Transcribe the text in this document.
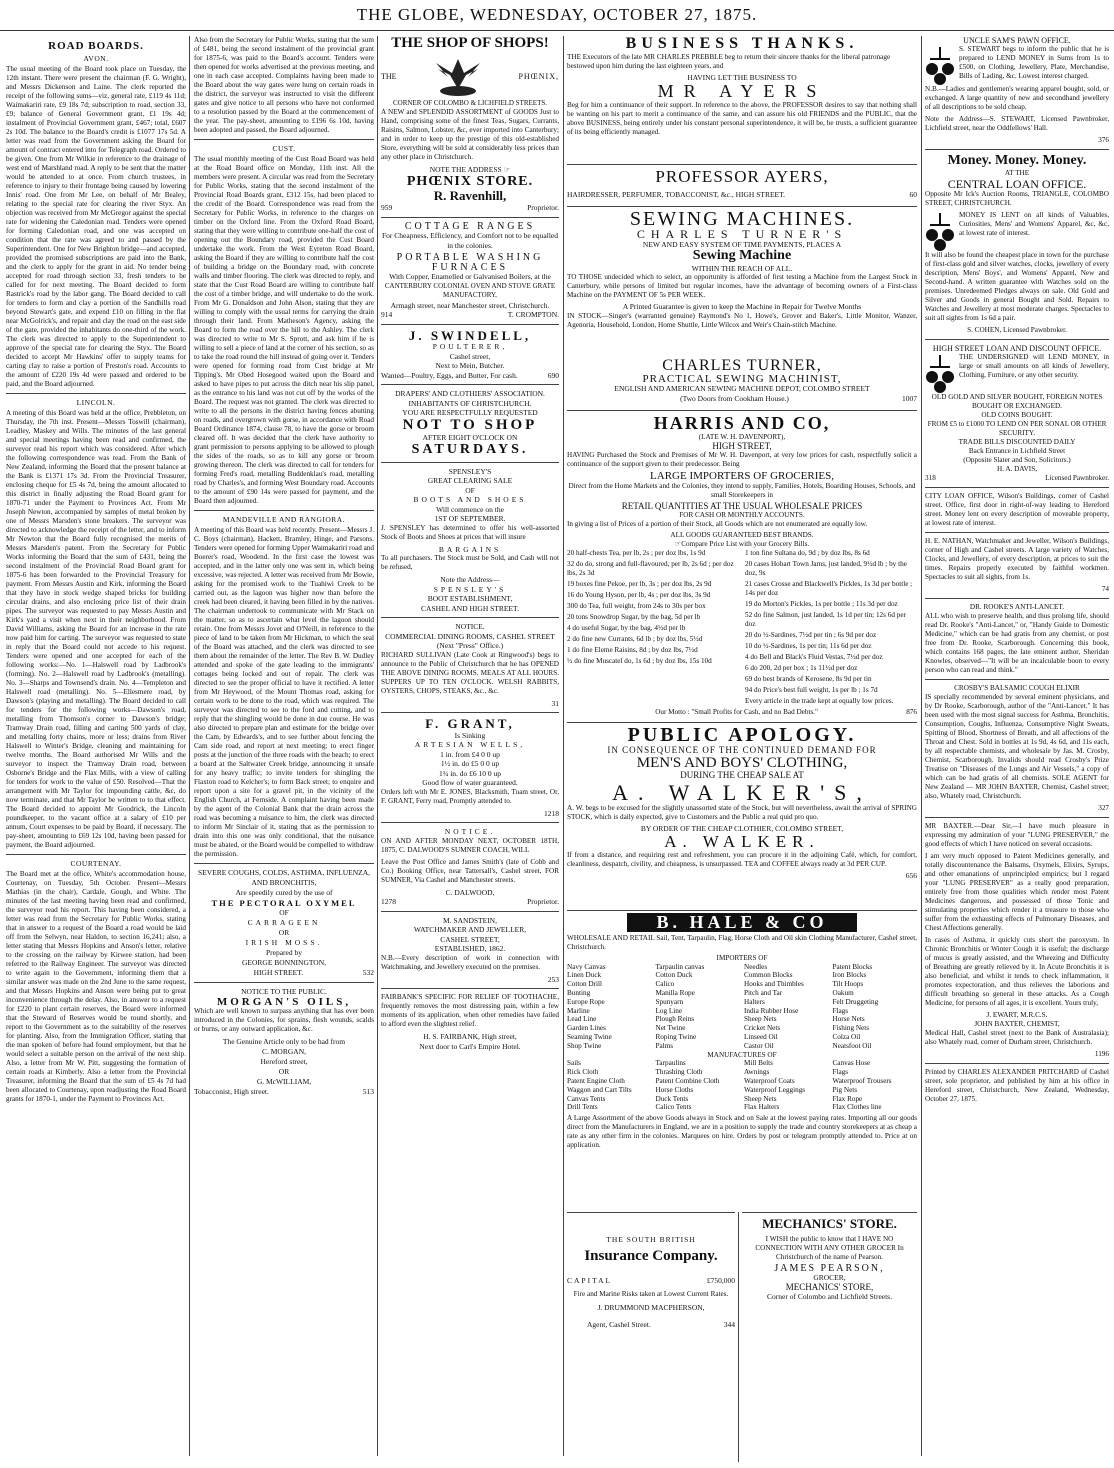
THE GLOBE, WEDNESDAY, OCTOBER 27, 1875.
ROAD BOARDS.
AVON.

The usual meeting of the Board took place on Tuesday, the 12th instant. There were present the chairman (F. G. Wright), and Messrs Dickenson and Laine. The clerk reported the receipt of the following sums—viz, general rate, £119 4s 11d; Waimakariri rate, £9 18s 7d; subscription to road, section 33, £9; balance of General Government grant, £1 19s 4d; instalment of Provincial Government grant, £467; total, £607 2s 10d. The balance to the Board's credit is £1077 17s 5d. A letter was read from the Government asking the Board for amount of contract entered into for Telegraph road. Ordered to be given. One from Mr Wilkie in reference to the drainage of west end of Marshland road. A reply to be sent that the matter would be attended to at once. From church trustees, in reference to injury to their frontage being caused by lowering Innis' road. One from Mr Lee, on behalf of Mr Bealey, relating to the special rate for clearing the river Styx. An objection was received from Mr McGregor against the special rate for widening the Caledonian road. Tenders were opened for forming Caledonian road, and one was accepted on condition that the rate was agreed to and passed by the Superintendent. One for New Brighton bridge—and accepted, provided the promised subscriptions are paid into the Bank, and the clerk to apply for the grant in aid. No tender being accepted for road through section 33, fresh tenders to be called for for next meeting. The Board decided to form Rastrick's road by the labor gang. The Board decided to call for tenders to form and clay a portion of the Sandhills road beyond Stewart's gate, and expend £10 on filling in the flat near McGolrick's, and repair and clay the road on the east side of the gate, provided the inhabitants do one-third of the work. The clerk was directed to apply to the Superintendent to approve of the special rate for clearing the Styx. The Board decided to accept Mr Hawkins' offer to supply teams for carting clay to raise a portion of Preston's road. Accounts to the amount of £220 19s 4d were passed and ordered to be paid, and the Board adjourned.

LINCOLN.

A meeting of this Board was held at the office, Prebbleton, on Thursday, the 7th inst. Present—Messrs Toswill (chairman), Leadley, Maskey and Wills. The minutes of the last general and special meetings having been read and confirmed, the surveyor read his report which was considered. After which the following correspondence was read. From the Bank of New Zealand, informing the Board that the present balance at the Bank is £1371 17s 3d. From the Provincial Treasurer, enclosing cheque for £5 4s 7d, being the amount allocated to this district in finally adjusting the Road Board grant for 1870-71 under the Payment to Provinces Act. From Mr Joseph Newton, accompanied by samples of metal broken by one of Messrs Marsden's stone breakers. The surveyor was directed to acknowledge the receipt of the letter, and to inform Mr Newton that the Board fully recognised the merits of Messrs Marsden's patent. From the Secretary for Public Works informing the Board that the sum of £431, being the second instalment of the Provincial Road Board grant for 1875-6 has been forwarded to the Provincial Treasury for payment. From Messrs Austin and Kirk, informing the Board that they have in stock wedge shaped bricks for building circular drains, and also enclosing price list of their drain pipes. The surveyor was requested to pay Messrs Austin and Kirk's yard a visit when next in their neighborhood. From David Williams, asking the Board for an increase in the rate now paid him for carting. The surveyor was requested to state in reply that the Board could not accede to his request. Tenders were opened and one accepted for each of the following works:—No. 1—Halswell road by Ladbrook's (forming). No. 2—Halswell road by Ladbrook's (metalling). No. 3—Sharps and Townsend's drain. No. 4—Templeton and Halswell road (metalling). No. 5—Ellesmere road, by Dawson's (playing and metalling). The Board decided to call for tenders for the following works—Dawson's road, metalling from Thomson's corner to Dawson's bridge; Tramway Drain road, filling and carting 500 yards of clay, and metalling forty chains, more or less; drains from River Halswell to Winter's Bridge, cleaning and maintaining for twelve months. The Board authorised Mr Wills and the surveyor to inspect the Tramway Drain road, between Osborne's Bridge and the Flax Mills, with a view of calling for tenders for work to the value of £50. Resolved—That the arrangement with Mr Taylor for impounding cattle, &c, do now terminate, and that Mr Taylor be written to to that effect. The Board decided to appoint Mr Goodrick, the Lincoln poundkeeper, to the vacant office at a salary of £10 per annum, Court expenses to be paid by Board, if necessary. The pay-sheet, amounting to £69 12s 10d, having been passed for payment, the Board adjourned.

COURTENAY.

The Board met at the office, White's accommodation house, Courtenay, on Tuesday, 5th October. Present—Messrs Mathias (in the chair), Cardale, Gough, and White. The minutes of the last meeting having been read and confirmed, the surveyor read his report. This having been considered, a letter was read from the Secretary for Public Works, stating that in answer to a request of the Board a road would be laid off from the Selwyn, near Haldon, to section 16,241; also, a letter stating that Messrs Hopkins and Anson's letter, relative to the crossing on the railway by Kirwee station, had been referred to the Railway Engineer. The surveyor was directed to write again to the Government, informing them that a similar answer was made on the 2nd June to the same request, and that Messrs Hopkins and Anson were being put to great inconvenience through the delay. Also, in answer to a request for £220 to plant certain reserves, the Board were informed that the Steward of Reserves would be round shortly, and report to the Government as to the suitability of the reserves for planting. Also, from the Immigration Officer, stating that the man spoken of before had found employment, but that he would select a suitable person on the arrival of the next ship. Also, a letter from Mr W. Pitt, suggesting the formation of certain roads at Kimberly. Also a letter from the Provincial Treasurer, informing the Board that the sum of £5 4s 7d had been allocated to Courtenay, upon readjusting the Road Board grants for 1870-1, under the Payment to Provinces Act.

Also from the Secretary for Public Works, stating that the sum of £481, being the second instalment of the provincial grant for 1875-6, was paid to the Board's account. Tenders were then opened for works advertised at the previous meeting, and one in each case accepted. Complaints having been made to the Board about the way gates were hung on certain roads in the district, the surveyor was instructed to visit the different gates and give notice to all persons who have not conformed to a resolution passed by the Board at the commencement of the year. The pay-sheet, amounting to £196 6s 10d, having been adopted and passed, the Board adjourned.

CUST.

The usual monthly meeting of the Cust Road Board was held at the Road Board office on Monday, 11th inst. All the members were present. A circular was read from the Secretary for Public Works, stating that the second instalment of the Provincial Road Boards grant, £312 15s, had been placed to the credit of the Board. Correspondence was read from the Secretary for Public Works, in reference to the charges on timber on the Oxford line. From the Oxford Road Board, stating that they were willing to contribute one-half the cost of opening out the Boundary road, provided the Cust Board undertake the work. From the West Eyreton Road Board, asking the Board if they are willing to contribute half the cost of building a bridge on the Boundary road, with concrete walls and timber flooring. The clerk was directed to reply, and state that the Cust Road Board are willing to contribute half the cost of a timber bridge, and will undertake to do the work. From Mr G. Donaldson and John Alson, stating that they are willing to comply with the usual terms for carrying the drain through their land. From Matheson's Agency, asking the Board to form the road over the hill to the Ashley. The clerk was directed to write to Mr S. Sprott, and ask him if he is willing to sell a piece of land at the corner of his section, so as to take the road round the hill instead of going over it. Tenders were opened for forming road from Cust bridge at Mr Tipping's. Mr Obed Hosegood waited upon the Board and asked to have pipes to put across the ditch near his slip panel, as the entrance to his land was not cut off by the works of the Board. The request was not granted. The clerk was directed to write to all the persons in the district having fences abutting on roads, and overgrown with gorse, in accordance with Road Board Ordinance 1874, clause 78, to have the gorse or broom cleared off. It was decided that the clerk have authority to grant permission to persons applying to be allowed to plough the sides of the roads, so as to kill any gorse or broom growing thereon. The clerk was directed to call for tenders for forming Fred's road, metalling Buddenklau's road, metalling road by Charles's, and forming West Boundary road. Accounts to the amount of £90 14s were passed for payment, and the Board then adjourned.

MANDEVILLE AND RANGIORA.

A meeting of this Board was held recently. Present—Messrs J. C. Boys (chairman), Hackett, Bramley, Hinge, and Parsons. Tenders were opened for forming Upper Waimakariri road and Boerer's road, Woodend. In the first case the lowest was accepted, and in the latter only one was sent in, which being excessive, was rejected. A letter was received from Mr Bowie, asking for the promised work to the Tuahiwi Creek to be carried out, as the lagoon was higher now than before the creek had been cleared, it having been filled in by the natives. The chairman undertook to communicate with Mr Stack on the matter, so as to ascertain what level the lagoon should retain. One from Messrs Jovet and O'Neill, in reference to the piece of land to be taken from Mr Hickman, to which the seal of the Board was attached, and the clerk was directed to see them about the remainder of the letter. The Rev B. W. Dudley attended and spoke of the gate leading to the immigrants' cottages being locked and out of repair. The clerk was directed to see the proper official to have it rectified. A letter from Mr Heywood, of the Mount Thomas road, asking for certain work to be done to the road, which was required. The surveyor was directed to see to the ford and cutting, and to reply that the shingling would be done in due course. He was also directed to prepare plan and estimate for the bridge over the Cam, by Edwards's, and to see further about fencing the Cam side road, and report at next meeting; to erect finger posts at the junction of the three roads with the beach; to erect a board at the Saltwater Creek bridge, announcing it unsafe for any heavy traffic; to invite tenders for shingling the Flaxton road to Kelcher's; to form Back street; to enquire and report upon a site for a gravel pit, in the vicinity of the English Church, at Fernside. A complaint having been made by the agent of the Colonial Bank that the drain across the road was becoming a nuisance to him, the clerk was directed to inform Mr Sinclair of it, stating that as the permission to drain into this one was only conditional, that the nuisance must be abated, or the Board would be compelled to withdraw the permission.

SEVERE COUGHS, COLDS, ASTHMA, INFLUENZA, AND BRONCHITIS,
Are speedily cured by the use of
THE PECTORAL OXYMEL
OF
CARRAGEEN
OR
IRISH MOSS.
Prepared by
GEORGE BONNINGTON,
HIGH STREET.	532
NOTICE TO THE PUBLIC.
MORGAN'S OILS,

Which are well known to surpass anything that has ever been introduced in the Colonies, for sprains, flesh wounds, scalds or burns, or any outward application, &c.

The Genuine Article only to be had from
C. MORGAN,
Hereford street,
OR
G. McWILLIAM,
Tobacconist, High street.	513
THE SHOP OF SHOPS!
THE	PHŒNIX,
CORNER OF COLOMBO & LICHFIELD STREETS.

A NEW and SPLENDID ASSORTMENT of GOODS Just to Hand, comprising some of the finest Teas, Sugars, Currants, Raisins, Salmon, Lobster, &c, ever imported into Canterbury; and in order to keep up the prestige of this old-established Store, everything will be sold at considerably less prices than any other place in Christchurch.

NOTE THE ADDRESS ☞
PHŒNIX STORE.
R. Ravenhill,
959	Proprietor.
COTTAGE RANGES
For Cheapness, Efficiency, and Comfort not to be equalled in the colonies.
PORTABLE WASHING FURNACES
With Copper, Enamelled or Galvanised Boilers, at the
CANTERBURY COLONIAL OVEN AND STOVE GRATE MANUFACTORY,
Armagh street, near Manchester street, Christchurch.
914	T. CROMPTON.
J. SWINDELL,
POULTERER,
Cashel street,
Next to Mein, Butcher.
Wanted—Poultry, Eggs, and Butter, For cash.	690
DRAPERS' AND CLOTHIERS' ASSOCIATION.
INHABITANTS OF CHRISTCHURCH.
YOU ARE RESPECTFULLY REQUESTED
NOT TO SHOP
AFTER EIGHT O'CLOCK ON
SATURDAYS.
SPENSLEY'S
GREAT CLEARING SALE
OF
BOOTS AND SHOES
Will commence on the
1ST OF SEPTEMBER.

J. SPENSLEY has determined to offer his well-assorted Stock of Boots and Shoes at prices that will insure

BARGAINS

To all purchasers. The Stock must be Sold, and Cash will not be refused,

Note the Address—
SPENSLEY'S
BOOT ESTABLISHMENT,
CASHEL AND HIGH STREET.
NOTICE.
COMMERCIAL DINING ROOMS, CASHEL STREET
(Next "Press" Office.)

RICHARD SULLIVAN (Late Cook at Ringwood's) begs to announce to the Public of Christchurch that he has OPENED THE ABOVE DINING ROOMS. MEALS AT ALL HOURS. SUPPERS UP TO TEN O'CLOCK. WELSH RABBITS, OYSTERS, CHOPS, STEAKS, &c., &c.

31
F. GRANT,
Is Sinking
ARTESIAN WELLS,
1 in. from £4 0 0 up
1½ in. do £5 0 0 up
1¾ in. do £6 10 0 up
Good flow of water guaranteed.

Orders left with Mr E. JONES, Blacksmith, Tuam street, Or, F. GRANT, Ferry road, Promptly attended to.

1218
NOTICE.

ON AND AFTER MONDAY NEXT, OCTOBER 18TH, 1875, C. DALWOOD'S SUMNER COACH, WILL

Leave the Post Office and James Smith's (late of Cobb and Co.) Booking Office, near Tattersall's, Cashel street, FOR SUMNER, Via Cashel and Manchester streets.

C. DALWOOD,
1278	Proprietor.
M. SANDSTEIN,
WATCHMAKER AND JEWELLER,
CASHEL STREET,
ESTABLISHED, 1862.

N.B.—Every description of work in connection with Watchmaking, and Jewellery executed on the premises.

253

FAIRBANK'S SPECIFIC FOR RELIEF OF TOOTHACHE, frequently removes the most distressing pain, within a few moments of its application, when other remedies have failed to afford even the slightest relief.

H. S. FAIRBANK, High street,
Next door to Carl's Empire Hotel.
BUSINESS THANKS.

THE Executors of the late MR CHARLES PREBBLE beg to return their sincere thanks for the liberal patronage bestowed upon him during the last eighteen years, and

HAVING LET THE BUSINESS TO
MR AYERS

Beg for him a continuance of their support. In reference to the above, the PROFESSOR desires to say that nothing shall be wanting on his part to merit a continuance of the same, and can assure his old FRIENDS and the PUBLIC, that the above BUSINESS, being entirely under his constant personal superintendence, it will be, he trusts, a sufficient guarantee of its being efficiently managed.

PROFESSOR AYERS,
HAIRDRESSER, PERFUMER, TOBACCONIST, &c., HIGH STREET.	60
SEWING MACHINES.
CHARLES TURNER'S
NEW AND EASY SYSTEM OF TIME PAYMENTS, PLACES A
Sewing Machine
WITHIN THE REACH OF ALL.

TO THOSE undecided which to select, an opportunity is afforded of first testing a Machine from the Largest Stock in Canterbury, while persons of limited but regular incomes, have the advantage of becoming owners of a First-class Machine on the PAYMENT OF 5s PER WEEK.

A Printed Guarantee is given to keep the Machine in Repair for Twelve Months

IN STOCK—Singer's (warranted genuine) Raymond's No 1, Howe's, Grover and Baker's, Little Monitor, Wanzer, Agenoria, Household, London, Home Shuttle, Little Wilcox and Weir's Chain-stitch Machine.

CHARLES TURNER,
PRACTICAL SEWING MACHINIST,
ENGLISH AND AMERICAN SEWING MACHINE DEPOT, COLOMBO STREET
(Two Doors from Cookham House.)	1007
HARRIS AND CO,
(LATE W. H. DAVENPORT),
HIGH STREET,

HAVING Purchased the Stock and Premises of Mr W. H. Davenport, at very low prices for cash, respectfully solicit a continuance of the support given to their predecessor. Being

LARGE IMPORTERS OF GROCERIES,

Direct from the Home Markets and the Colonies, they intend to supply, Families, Hotels, Boarding Houses, Schools, and small Storekeepers in

RETAIL QUANTITIES AT THE USUAL WHOLESALE PRICES
FOR CASH OR MONTHLY ACCOUNTS.

In giving a list of Prices of a portion of their Stock, all Goods which are not enumerated are equally low.

ALL GOODS GUARANTEED BEST BRANDS.
☞Compare Price List with your Grocery Bills.
20 half-chests Tea, per lb, 2s ; per doz lbs, 1s 9d
32 do do, strong and full-flavoured, per lb, 2s 6d ; per doz lbs, 2s 3d
19 boxes fine Pekoe, per lb, 3s ; per doz lbs, 2s 9d
16 do Young Hyson, per lb, 4s ; per doz lbs, 3s 9d
300 do Tea, full weight, from 24s to 30s per box
20 tons Snowdrop Sugar, by the bag, 5d per lb
4 do useful Sugar, by the bag, 4½d per lb
2 do fine new Currants, 6d lb ; by doz lbs, 5½d
1 do fine Eleme Raisins, 8d ; by doz lbs, 7½d
½ do fine Muscatel do, 1s 6d ; by doz lbs, 15s 10d
1 ton fine Sultana do, 9d ; by doz lbs, 8s 6d
20 cases Hobart Town Jams, just landed, 9½d lb ; by the doz, 9s
21 cases Crosse and Blackwell's Pickles, 1s 3d per bottle ; 14s per doz
19 do Morton's Pickles, 1s per bottle ; 11s 3d per doz
52 do fine Salmon, just landed, 1s 1d per tin; 12s 6d per doz
20 do ½-Sardines, 7½d per tin ; 6s 9d per doz
10 do ½-Sardines, 1s per tin; 11s 6d per doz
4 do Bell and Black's Fluid Vestas, 7½d per doz
6 do 200, 2d per box ; 1s 11½d per doz
69 do best brands of Kerosene, 8s 9d per tin
94 do Price's best full weight, 1s per lb ; 1s 7d
Every article in the trade kept at equally low prices.
Our Motto : "Small Profits for Cash, and no Bad Debts."	876
PUBLIC APOLOGY.
IN CONSEQUENCE OF THE CONTINUED DEMAND FOR
MEN'S AND BOYS' CLOTHING,
DURING THE CHEAP SALE AT
A. WALKER'S,

A. W. begs to be excused for the slightly unassorted state of the Stock, but will nevertheless, await the arrival of SPRING STOCK, which is daily expected, give to Customers and the Public a real quid pro quo.

BY ORDER OF THE CHEAP CLOTHIER, COLOMBO STREET,
A. WALKER.

If from a distance, and requiring rest and refreshment, you can procure it in the adjoining Café, which, for comfort, cleanliness, despatch, civility, and cheapness, is unsurpassed. TEA and COFFEE always ready at 3d PER CUP.

656
B. HALE & CO

WHOLESALE AND RETAIL Sail, Tent, Tarpaulin, Flag, Horse Cloth and Oil skin Clothing Manufacturer, Cashel street, Christchurch.

IMPORTERS OF
Navy Canvas
Linen Duck
Cotton Drill
Bunting
Europe Rope
Marline
Lead Line
Garden Lines
Seaming Twine
Shop Twine
Tarpaulin canvas
Cotton Duck
Calico
Manilla Rope
Spunyarn
Log Line
Plough Reins
Net Twine
Roping Twine
Palms
Needles
Common Blocks
Hooks and Thimbles
Pitch and Tar
Halters
India Rubber Hose
Sheep Nets
Cricket Nets
Linseed Oil
Castor Oil
Patent Blocks
Iron Blocks
Tilt Hoops
Oakum
Felt Druggeting
Flags
Horse Nets
Fishing Nets
Colza Oil
Neatsfoot Oil
MANUFACTURES OF
Sails
Rick Cloth
Patent Engine Cloth
Waggon and Cart Tilts
Canvas Tents
Drill Tents
Tarpaulins
Thrashing Cloth
Patent Combine Cloth
Horse Cloths
Duck Tents
Calico Tents
Mill Belts
Awnings
Waterproof Coats
Waterproof Leggings
Sheep Nets
Flax Halters
Canvas Hose
Flags
Waterproof Trousers
Pig Nets
Flax Rope
Flax Clothes line

A Large Assortment of the above Goods always in Stock and on Sale at the lowest paying rates. Importing all our goods direct from the Manufacturers in England, we are in a position to supply the trade and country storekeepers at as cheap a rate as any other firm in the colonies. Marquees on hire. Orders by post or telegram promptly attended to. Price at on application.

THE SOUTH BRITISH
Insurance Company.
CAPITAL	£750,000

Fire and Marine Risks taken at Lowest Current Rates.

J. DRUMMOND MACPHERSON,
Agent, Cashel Street.	344
MECHANICS' STORE.

I WISH the public to know that I HAVE NO CONNECTION WITH ANY OTHER GROCER In Christchurch of the name of Pearson.

JAMES PEARSON,
GROCER,
MECHANICS' STORE,
Corner of Colombo and Lichfield Streets.
UNCLE SAM'S PAWN OFFICE.

S. STEWART begs to inform the public that he is prepared to LEND MONEY in Sums from 1s to £500, on Clothing, Jewellery, Plate, Merchandise, Bills of Lading, &c. Lowest interest charged.

N.B.—Ladies and gentlemen's wearing apparel bought, sold, or exchanged. A large quantity of new and secondhand jewellery of all descriptions to be sold cheap.

Note the Address—S. STEWART, Licensed Pawnbroker, Lichfield street, near the Oddfellows' Hall.

376
Money. Money. Money.
AT THE
CENTRAL LOAN OFFICE.

Opposite Mr Ick's Auction Rooms, TRIANGLE, COLOMBO STREET, CHRISTCHURCH.

MONEY IS LENT on all kinds of Valuables, Curiosities, Mens' and Womens' Apparel, &c, &c, at lowest rate of interest.

It will also be found the cheapest place in town for the purchase of first-class gold and silver watches, clocks, jewellery of every description, Mens' Boys', and Womens' Apparel, New and Second-hand. A written guarantee with Watches sold on the premises. Unredeemed Pledges always on sale. Old Gold and Silver and Goods in general Bought and Sold. Repairs to Watches and Jewellery at most moderate charges. Spectacles to suit all sights from 1s 6d a pair.

S. COHEN, Licensed Pawnbroker.
HIGH STREET LOAN AND DISCOUNT OFFICE.

THE UNDERSIGNED will LEND MONEY, in large or small amounts on all kinds of Jewellery, Clothing, Furniture, or any other security.

OLD GOLD AND SILVER BOUGHT, FOREIGN NOTES BOUGHT OR EXCHANGED.
OLD COINS BOUGHT.
FROM £5 to £1000 TO LEND ON PER SONAL OR OTHER SECURITY.
TRADE BILLS DISCOUNTED DAILY
Back Entrance in Lichfield Street
(Opposite Slater and Son, Solicitors.)
H. A. DAVIS,
318	Licensed Pawnbroker.

CITY LOAN OFFICE, Wilson's Buildings, corner of Cashel street. Office, first door in right-of-way leading to Hereford street. Money lent on every description of moveable property, at lowest rate of interest.

H. E. NATHAN, Watchmaker and Jeweller, Wilson's Buildings, corner of High and Cashel streets. A large variety of Watches, Clocks, and Jewellery, of every description, at prices to suit the times. Repairs properly executed by faithful workmen. Spectacles to suit all sights, from 1s.

74
DR. ROOKE'S ANTI-LANCET.

ALL who wish to preserve health, and thus prolong life, should read Dr. Rooke's "Anti-Lancet," or, "Handy Guide to Domestic Medicine," which can be had gratis from any chemist, or post free from Dr. Rooke, Scarborough. Concerning this book, which contains 168 pages, the late eminent author, Sheridan Knowles, observed—"It will be an incalculable boon to every person who can read and think."

CROSBY'S BALSAMIC COUGH ELIXIR

IS specially recommended by several eminent physicians, and by Dr Rooke, Scarborough, author of the "Anti-Lancet." It has been used with the most signal success for Asthma, Bronchitis, Consumption, Coughs, Influenza, Consumptive Night Sweats, Spitting of Blood, Shortness of Breath, and all affections of the Throat and Chest. Sold in bottles at 1s 9d, 4s 6d, and 11s each, by all respectable chemists, and wholesale by Jas. M. Crosby, Chemist, Scarborough. Invalids should read Crosby's Prize Treatise on "Diseases of the Lungs and Air Vessels," a copy of which can be had gratis of all chemists. SOLE AGENT for New Zealand — MR JOHN BAXTER, Chemist, Cashel street; also, Whately road, Christchurch.

327

MR BAXTER.—Dear Sir,—I have much pleasure in expressing my admiration of your "LUNG PRESERVER," the good effects of which I have noticed on several occasions.

I am very much opposed to Patent Medicines generally, and totally discountenance the Balsams, Oxymels, Elixirs, Syrups, and other emanations of unprincipled empirics; but I regard your "LUNG PRESERVER" as a really good preparation, entirely free from those qualities which render most Patent Medicines dangerous, and possessed of those Tonic and stimulating properties which render it a treasure to those who suffer from the exhausting effects of Pulmonary Diseases, and Chest Affections generally.

In cases of Asthma, it quickly cuts short the paroxysm. In Chronic Bronchitis or Winter Cough it is useful; the discharge of mucus is greatly assisted, and the Wheezing and Difficulty of Breathing are greatly relieved by it. In Acute Bronchitis it is also beneficial, and whilst it tends to check inflammation, it promotes expectoration, and thus relieves the laborious and difficult breathing so general in these attacks. As a Cough Medicine, for persons of all ages, it is excellent. Yours truly,

J. EWART, M.R.C.S.
JOHN BAXTER, CHEMIST,

Medical Hall, Cashel street (next to the Bank of Australasia); also Whately road, corner of Durham street, Christchurch.

1196

Printed by CHARLES ALEXANDER PRITCHARD of Cashel street, sole proprietor, and published by him at his office in Hereford street, Christchurch, New Zealand, Wednesday, October 27, 1875.
